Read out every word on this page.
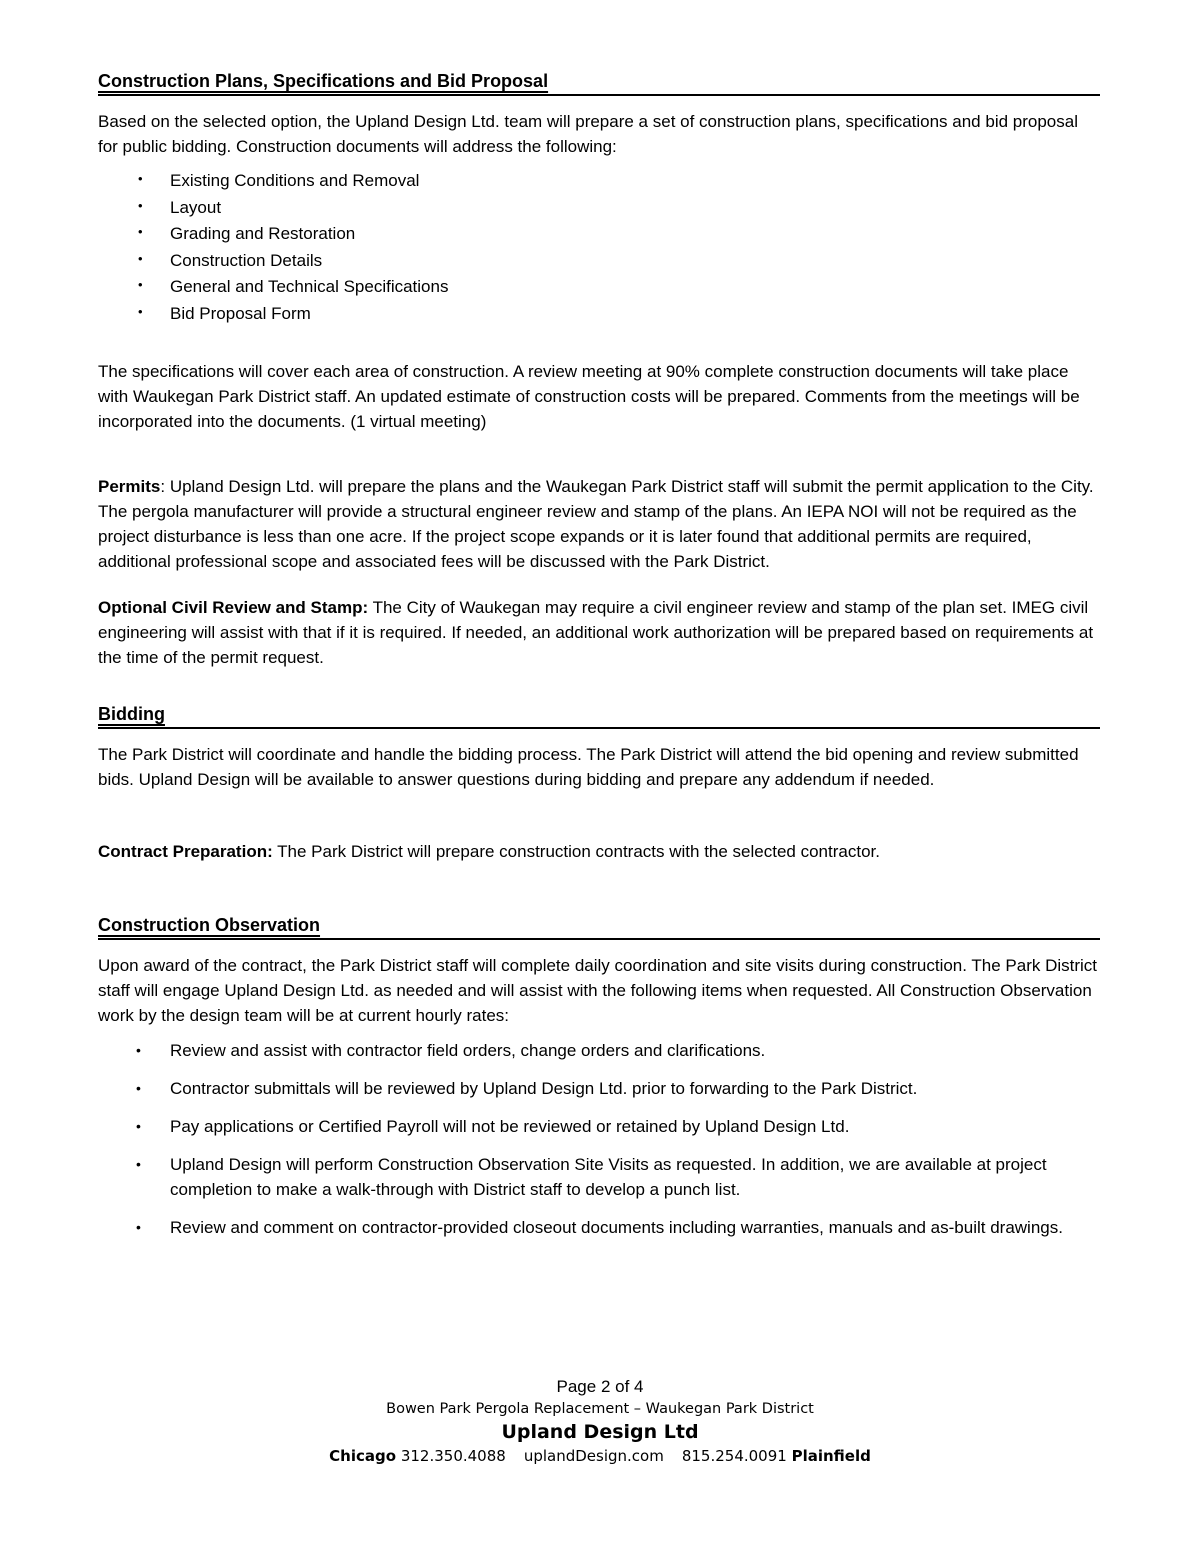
Construction Plans, Specifications and Bid Proposal

Based on the selected option, the Upland Design Ltd. team will prepare a set of construction plans, specifications and bid proposal for public bidding. Construction documents will address the following:

•	Existing Conditions and Removal
•	Layout
•	Grading and Restoration
•	Construction Details
•	General and Technical Specifications
•	Bid Proposal Form

The specifications will cover each area of construction. A review meeting at 90% complete construction documents will take place with Waukegan Park District staff. An updated estimate of construction costs will be prepared. Comments from the meetings will be incorporated into the documents. (1 virtual meeting)

Permits: Upland Design Ltd. will prepare the plans and the Waukegan Park District staff will submit the permit application to the City. The pergola manufacturer will provide a structural engineer review and stamp of the plans. An IEPA NOI will not be required as the project disturbance is less than one acre. If the project scope expands or it is later found that additional permits are required, additional professional scope and associated fees will be discussed with the Park District.

Optional Civil Review and Stamp: The City of Waukegan may require a civil engineer review and stamp of the plan set. IMEG civil engineering will assist with that if it is required. If needed, an additional work authorization will be prepared based on requirements at the time of the permit request.

Bidding

The Park District will coordinate and handle the bidding process. The Park District will attend the bid opening and review submitted bids. Upland Design will be available to answer questions during bidding and prepare any addendum if needed.

Contract Preparation: The Park District will prepare construction contracts with the selected contractor.

Construction Observation

Upon award of the contract, the Park District staff will complete daily coordination and site visits during construction. The Park District staff will engage Upland Design Ltd. as needed and will assist with the following items when requested. All Construction Observation work by the design team will be at current hourly rates:

•	Review and assist with contractor field orders, change orders and clarifications.
•	Contractor submittals will be reviewed by Upland Design Ltd. prior to forwarding to the Park District.
•	Pay applications or Certified Payroll will not be reviewed or retained by Upland Design Ltd.
•	Upland Design will perform Construction Observation Site Visits as requested. In addition, we are available at project completion to make a walk-through with District staff to develop a punch list.
•	Review and comment on contractor-provided closeout documents including warranties, manuals and as-built drawings.
Page 2 of 4
Bowen Park Pergola Replacement – Waukegan Park District
Upland Design Ltd
Chicago 312.350.4088 uplandDesign.com 815.254.0091 Plainfield
